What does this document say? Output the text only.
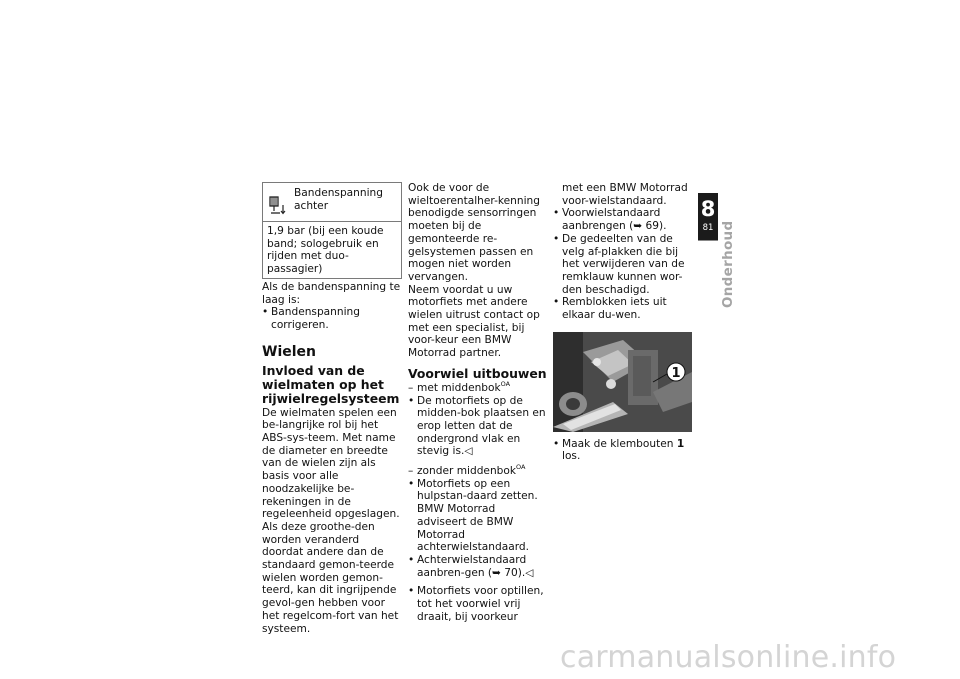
Bandenspanning achter
1,9 bar (bij een koude band; sologebruik en rijden met duo-passagier)

Als de bandenspanning te laag is:

• Bandenspanning corrigeren.
Wielen
Invloed van de wielmaten op het rijwielregelsysteem

De wielmaten spelen een be-langrijke rol bij het ABS-sys-teem. Met name de diameter en breedte van de wielen zijn als basis voor alle noodzakelijke be-rekeningen in de regeleenheid opgeslagen. Als deze groothe-den worden veranderd doordat andere dan de standaard gemon-teerde wielen worden gemon-teerd, kan dit ingrijpende gevol-gen hebben voor het regelcom-fort van het systeem.

Ook de voor de wieltoerentalher-kenning benodigde sensorringen moeten bij de gemonteerde re-gelsystemen passen en mogen niet worden vervangen.

Neem voordat u uw motorfiets met andere wielen uitrust contact op met een specialist, bij voor-keur een BMW Motorrad partner.

Voorwiel uitbouwen
– met middenbok$^{OA}$
• De motorfiets op de midden-bok plaatsen en erop letten dat de ondergrond vlak en stevig is.◁
– zonder middenbok$^{OA}$
• Motorfiets op een hulpstan-daard zetten. BMW Motorrad adviseert de BMW Motorrad achterwielstandaard.
• Achterwielstandaard aanbren-gen (➥ 70).◁
• Motorfiets voor optillen, tot het voorwiel vrij draait, bij voorkeur

met een BMW Motorrad voor-wielstandaard.

• Voorwielstandaard aanbrengen (➥ 69).
• De gedeelten van de velg af-plakken die bij het verwijderen van de remklauw kunnen wor-den beschadigd.
• Remblokken iets uit elkaar du-wen.
1
• Maak de klembouten 1 los.
8
81 Onderhoud
carmanualsonline.info
